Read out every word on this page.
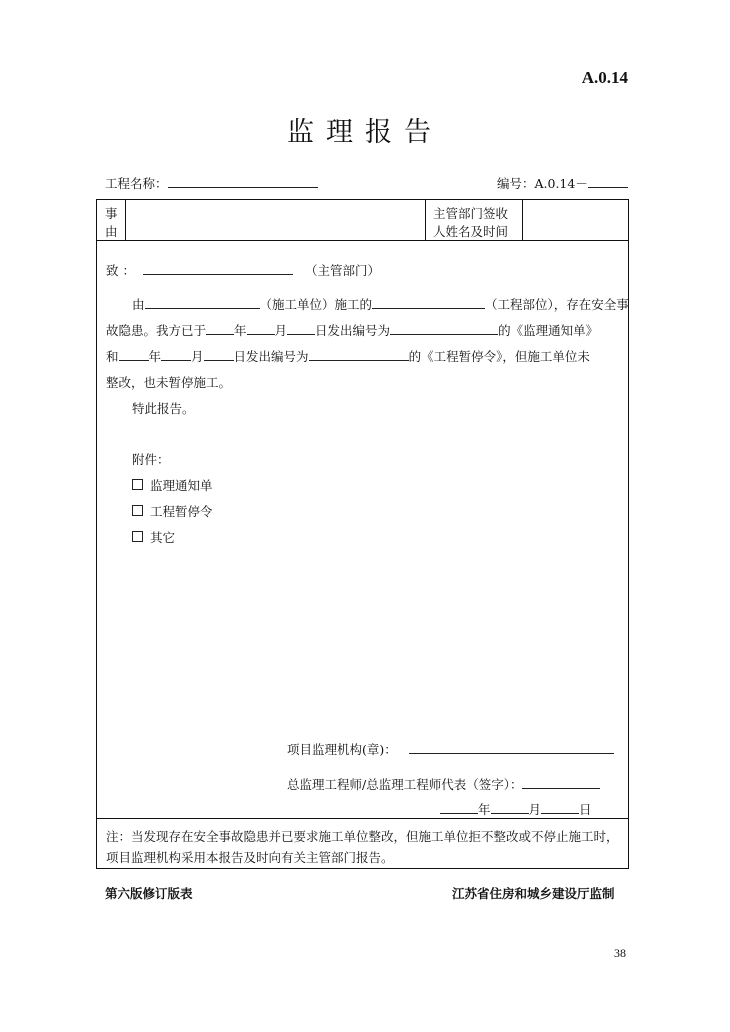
A.0.14
监理报告
工程名称：	编号：A.0.14－
事
由
主管部门签收
人姓名及时间
致 ：	（主管部门）
由	（施工单位）施工的	（工程部位），存在安全事
故隐患。我方已于 年 月 日发出编号为	的《监理通知单》
和 年 月 日发出编号为	的《工程暂停令》，但施工单位未
整改，也未暂停施工。
特此报告。
附件：
监理通知单
工程暂停令
其它
项目监理机构(章)：
总监理工程师/总监理工程师代表（签字）：
年	月	日
注：当发现存在安全事故隐患并已要求施工单位整改，但施工单位拒不整改或不停止施工时，
项目监理机构采用本报告及时向有关主管部门报告。
第六版修订版表	江苏省住房和城乡建设厅监制
38
